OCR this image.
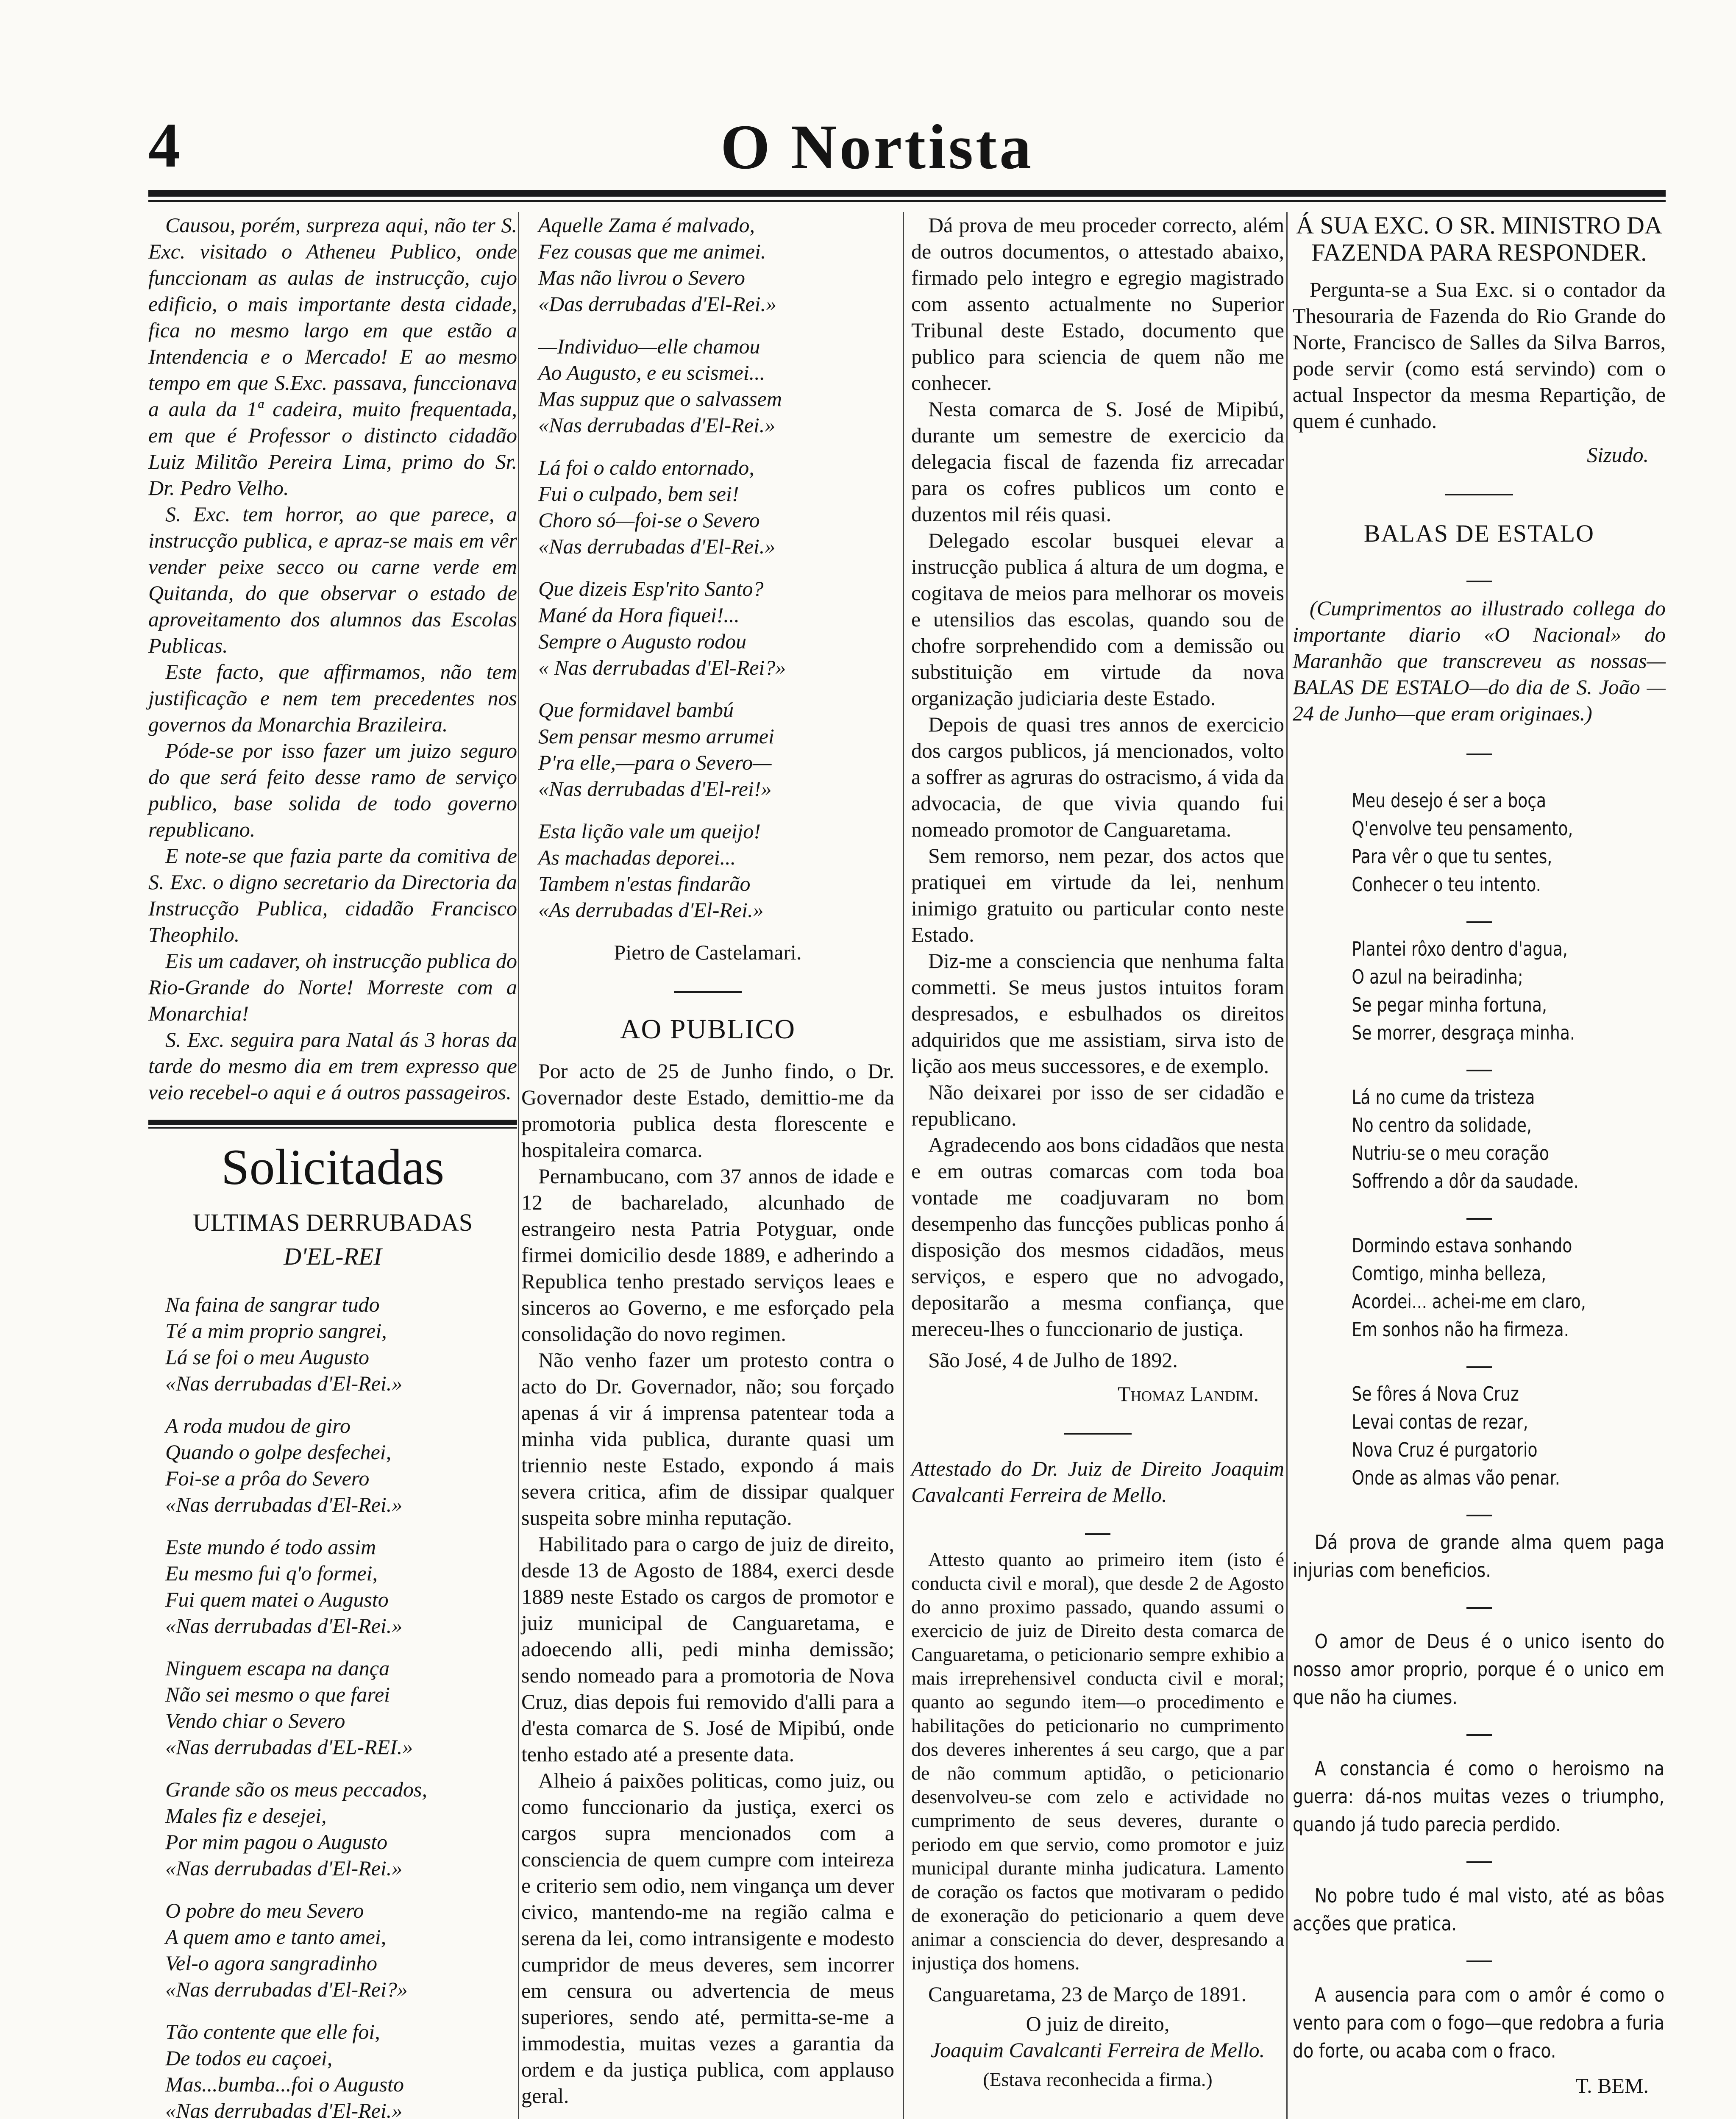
4	O Nortista

Causou, porém, surpreza aqui, não ter S. Exc. visitado o Atheneu Publico, onde funccionam as aulas de instrucção, cujo edificio, o mais importante desta cidade, fica no mesmo largo em que estão a Intendencia e o Mercado! E ao mesmo tempo em que S.Exc. passava, funccionava a aula da 1ª cadeira, muito frequentada, em que é Professor o distincto cidadão Luiz Militão Pereira Lima, primo do Sr. Dr. Pedro Velho.

S. Exc. tem horror, ao que parece, a instrucção publica, e apraz-se mais em vêr vender peixe secco ou carne verde em Quitanda, do que observar o estado de aproveitamento dos alumnos das Escolas Publicas.

Este facto, que affirmamos, não tem justificação e nem tem precedentes nos governos da Monarchia Brazileira.

Póde-se por isso fazer um juizo seguro do que será feito desse ramo de serviço publico, base solida de todo governo republicano.

E note-se que fazia parte da comitiva de S. Exc. o digno secretario da Directoria da Instrucção Publica, cidadão Francisco Theophilo.

Eis um cadaver, oh instrucção publica do Rio-Grande do Norte! Morreste com a Monarchia!

S. Exc. seguira para Natal ás 3 horas da tarde do mesmo dia em trem expresso que veio recebel-o aqui e á outros passageiros.

Solicitadas
ULTIMAS DERRUBADAS
D'EL-REI
Na faina de sangrar tudo
Té a mim proprio sangrei,
Lá se foi o meu Augusto
«Nas derrubadas d'El-Rei.»
A roda mudou de giro
Quando o golpe desfechei,
Foi-se a prôa do Severo
«Nas derrubadas d'El-Rei.»
Este mundo é todo assim
Eu mesmo fui q'o formei,
Fui quem matei o Augusto
«Nas derrubadas d'El-Rei.»
Ninguem escapa na dança
Não sei mesmo o que farei
Vendo chiar o Severo
«Nas derrubadas d'EL-REI.»
Grande são os meus peccados,
Males fiz e desejei,
Por mim pagou o Augusto
«Nas derrubadas d'El-Rei.»
O pobre do meu Severo
A quem amo e tanto amei,
Vel-o agora sangradinho
«Nas derrubadas d'El-Rei?»
Tão contente que elle foi,
De todos eu caçoei,
Mas...bumba...foi o Augusto
«Nas derrubadas d'El-Rei.»
Aquelle Zama é malvado,
Fez cousas que me animei.
Mas não livrou o Severo
«Das derrubadas d'El-Rei.»
—Individuo—elle chamou
Ao Augusto, e eu scismei...
Mas suppuz que o salvassem
«Nas derrubadas d'El-Rei.»
Lá foi o caldo entornado,
Fui o culpado, bem sei!
Choro só—foi-se o Severo
«Nas derrubadas d'El-Rei.»
Que dizeis Esp'rito Santo?
Mané da Hora fiquei!...
Sempre o Augusto rodou
« Nas derrubadas d'El-Rei?»
Que formidavel bambú
Sem pensar mesmo arrumei
P'ra elle,—para o Severo—
«Nas derrubadas d'El-rei!»
Esta lição vale um queijo!
As machadas deporei...
Tambem n'estas findarão
«As derrubadas d'El-Rei.»
Pietro de Castelamari.
AO PUBLICO

Por acto de 25 de Junho findo, o Dr. Governador deste Estado, demittio-me da promotoria publica desta florescente e hospitaleira comarca.

Pernambucano, com 37 annos de idade e 12 de bacharelado, alcunhado de estrangeiro nesta Patria Potyguar, onde firmei domicilio desde 1889, e adherindo a Republica tenho prestado serviços leaes e sinceros ao Governo, e me esforçado pela consolidação do novo regimen.

Não venho fazer um protesto contra o acto do Dr. Governador, não; sou forçado apenas á vir á imprensa patentear toda a minha vida publica, durante quasi um triennio neste Estado, expondo á mais severa critica, afim de dissipar qualquer suspeita sobre minha reputação.

Habilitado para o cargo de juiz de direito, desde 13 de Agosto de 1884, exerci desde 1889 neste Estado os cargos de promotor e juiz municipal de Canguaretama, e adoecendo alli, pedi minha demissão; sendo nomeado para a promotoria de Nova Cruz, dias depois fui removido d'alli para a d'esta comarca de S. José de Mipibú, onde tenho estado até a presente data.

Alheio á paixões politicas, como juiz, ou como funccionario da justiça, exerci os cargos supra mencionados com a consciencia de quem cumpre com inteireza e criterio sem odio, nem vingança um dever civico, mantendo-me na região calma e serena da lei, como intransigente e modesto cumpridor de meus deveres, sem incorrer em censura ou advertencia de meus superiores, sendo até, permitta-se-me a immodestia, muitas vezes a garantia da ordem e da justiça publica, com applauso geral.

Dá prova de meu proceder correcto, além de outros documentos, o attestado abaixo, firmado pelo integro e egregio magistrado com assento actualmente no Superior Tribunal deste Estado, documento que publico para sciencia de quem não me conhecer.

Nesta comarca de S. José de Mipibú, durante um semestre de exercicio da delegacia fiscal de fazenda fiz arrecadar para os cofres publicos um conto e duzentos mil réis quasi.

Delegado escolar busquei elevar a instrucção publica á altura de um dogma, e cogitava de meios para melhorar os moveis e utensilios das escolas, quando sou de chofre sorprehendido com a demissão ou substituição em virtude da nova organização judiciaria deste Estado.

Depois de quasi tres annos de exercicio dos cargos publicos, já mencionados, volto a soffrer as agruras do ostracismo, á vida da advocacia, de que vivia quando fui nomeado promotor de Canguaretama.

Sem remorso, nem pezar, dos actos que pratiquei em virtude da lei, nenhum inimigo gratuito ou particular conto neste Estado.

Diz-me a consciencia que nenhuma falta commetti. Se meus justos intuitos foram despresados, e esbulhados os direitos adquiridos que me assistiam, sirva isto de lição aos meus successores, e de exemplo.

Não deixarei por isso de ser cidadão e republicano.

Agradecendo aos bons cidadãos que nesta e em outras comarcas com toda boa vontade me coadjuvaram no bom desempenho das funcções publicas ponho á disposição dos mesmos cidadãos, meus serviços, e espero que no advogado, depositarão a mesma confiança, que mereceu-lhes o funccionario de justiça.

São José, 4 de Julho de 1892.

Thomaz Landim.

Attestado do Dr. Juiz de Direito Joaquim Cavalcanti Ferreira de Mello.

Attesto quanto ao primeiro item (isto é conducta civil e moral), que desde 2 de Agosto do anno proximo passado, quando assumi o exercicio de juiz de Direito desta comarca de Canguaretama, o peticionario sempre exhibio a mais irreprehensivel conducta civil e moral; quanto ao segundo item—o procedimento e habilitações do peticionario no cumprimento dos deveres inherentes á seu cargo, que a par de não commum aptidão, o peticionario desenvolveu-se com zelo e actividade no cumprimento de seus deveres, durante o periodo em que servio, como promotor e juiz municipal durante minha judicatura. Lamento de coração os factos que motivaram o pedido de exoneração do peticionario a quem deve animar a consciencia do dever, despresando a injustiça dos homens.

Canguaretama, 23 de Março de 1891.

O juiz de direito,
Joaquim Cavalcanti Ferreira de Mello.
(Estava reconhecida a firma.)
Á SUA EXC. O SR. MINISTRO DA FAZENDA PARA RESPONDER.

Pergunta-se a Sua Exc. si o contador da Thesouraria de Fazenda do Rio Grande do Norte, Francisco de Salles da Silva Barros, pode servir (como está servindo) com o actual Inspector da mesma Repartição, de quem é cunhado.

Sizudo.
BALAS DE ESTALO

(Cumprimentos ao illustrado collega do importante diario «O Nacional» do Maranhão que transcreveu as nossas—BALAS DE ESTALO—do dia de S. João —24 de Junho—que eram originaes.)

Meu desejo é ser a boça
Q'envolve teu pensamento,
Para vêr o que tu sentes,
Conhecer o teu intento.
Plantei rôxo dentro d'agua,
O azul na beiradinha;
Se pegar minha fortuna,
Se morrer, desgraça minha.
Lá no cume da tristeza
No centro da solidade,
Nutriu-se o meu coração
Soffrendo a dôr da saudade.
Dormindo estava sonhando
Comtigo, minha belleza,
Acordei... achei-me em claro,
Em sonhos não ha firmeza.
Se fôres á Nova Cruz
Levai contas de rezar,
Nova Cruz é purgatorio
Onde as almas vão penar.
Dá prova de grande alma quem paga injurias com beneficios.
O amor de Deus é o unico isento do nosso amor proprio, porque é o unico em que não ha ciumes.
A constancia é como o heroismo na guerra: dá-nos muitas vezes o triumpho, quando já tudo parecia perdido.
No pobre tudo é mal visto, até as bôas acções que pratica.
A ausencia para com o amôr é como o vento para com o fogo—que redobra a furia do forte, ou acaba com o fraco.
T. BEM.
